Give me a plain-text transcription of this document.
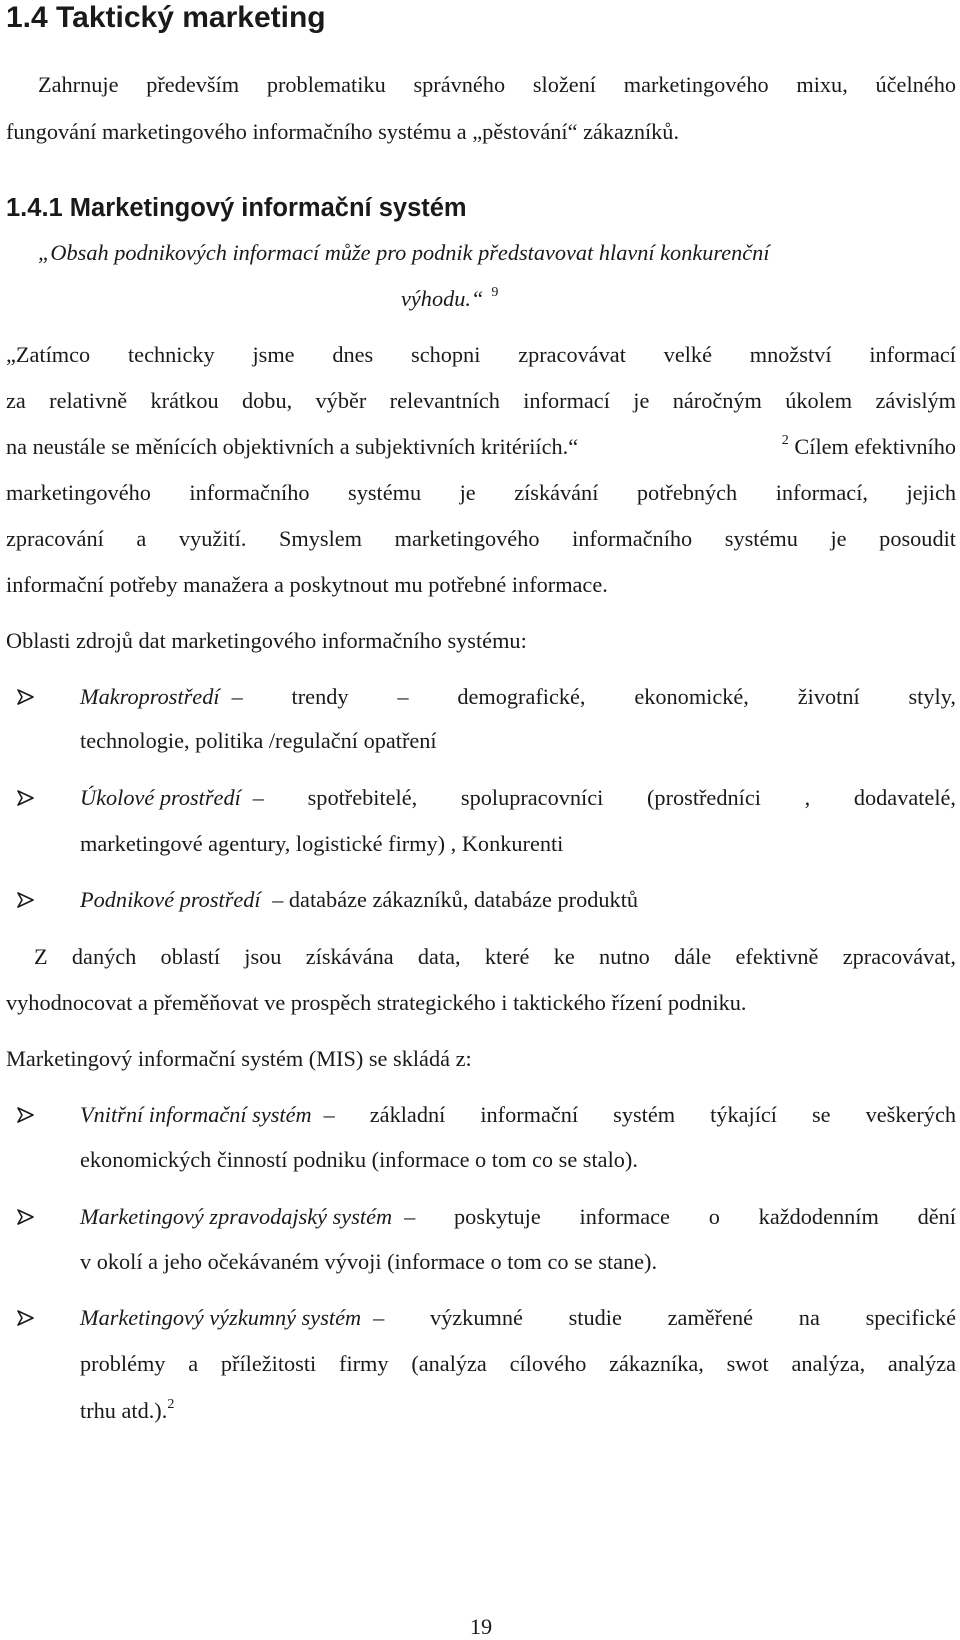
1.4 Taktický marketing
Zahrnuje především problematiku správného složení marketingového mixu, účelného
fungování marketingového informačního systému a „pěstování“ zákazníků.
1.4.1 Marketingový informační systém
„Obsah podnikových informací může pro podnik představovat hlavní konkurenční
výhodu.“ $^9$
„Zatímco technicky jsme dnes schopni zpracovávat velké množství informací
za relativně krátkou dobu, výběr relevantních informací je náročným úkolem závislým
na neustále se měnících objektivních a subjektivních kritériích.“	$^2$ Cílem efektivního
marketingového informačního systému je získávání potřebných informací, jejich
zpracování a využití. Smyslem marketingového informačního systému je posoudit
informační potřeby manažera a poskytnout mu potřebné informace.
Oblasti zdrojů dat marketingového informačního systému:
Makroprostředí – trendy – demografické, ekonomické, životní styly,
technologie, politika /regulační opatření
Úkolové prostředí – spotřebitelé, spolupracovníci (prostředníci , dodavatelé,
marketingové agentury, logistické firmy) , Konkurenti
Podnikové prostředí – databáze zákazníků, databáze produktů
Z daných oblastí jsou získávána data, které ke nutno dále efektivně zpracovávat,
vyhodnocovat a přeměňovat ve prospěch strategického i taktického řízení podniku.
Marketingový informační systém (MIS) se skládá z:
Vnitřní informační systém – základní informační systém týkající se veškerých
ekonomických činností podniku (informace o tom co se stalo).
Marketingový zpravodajský systém – poskytuje informace o každodenním dění
v okolí a jeho očekávaném vývoji (informace o tom co se stane).
Marketingový výzkumný systém – výzkumné studie zaměřené na specifické
problémy a příležitosti firmy (analýza cílového zákazníka, swot analýza, analýza
trhu atd.).$^2$
19
